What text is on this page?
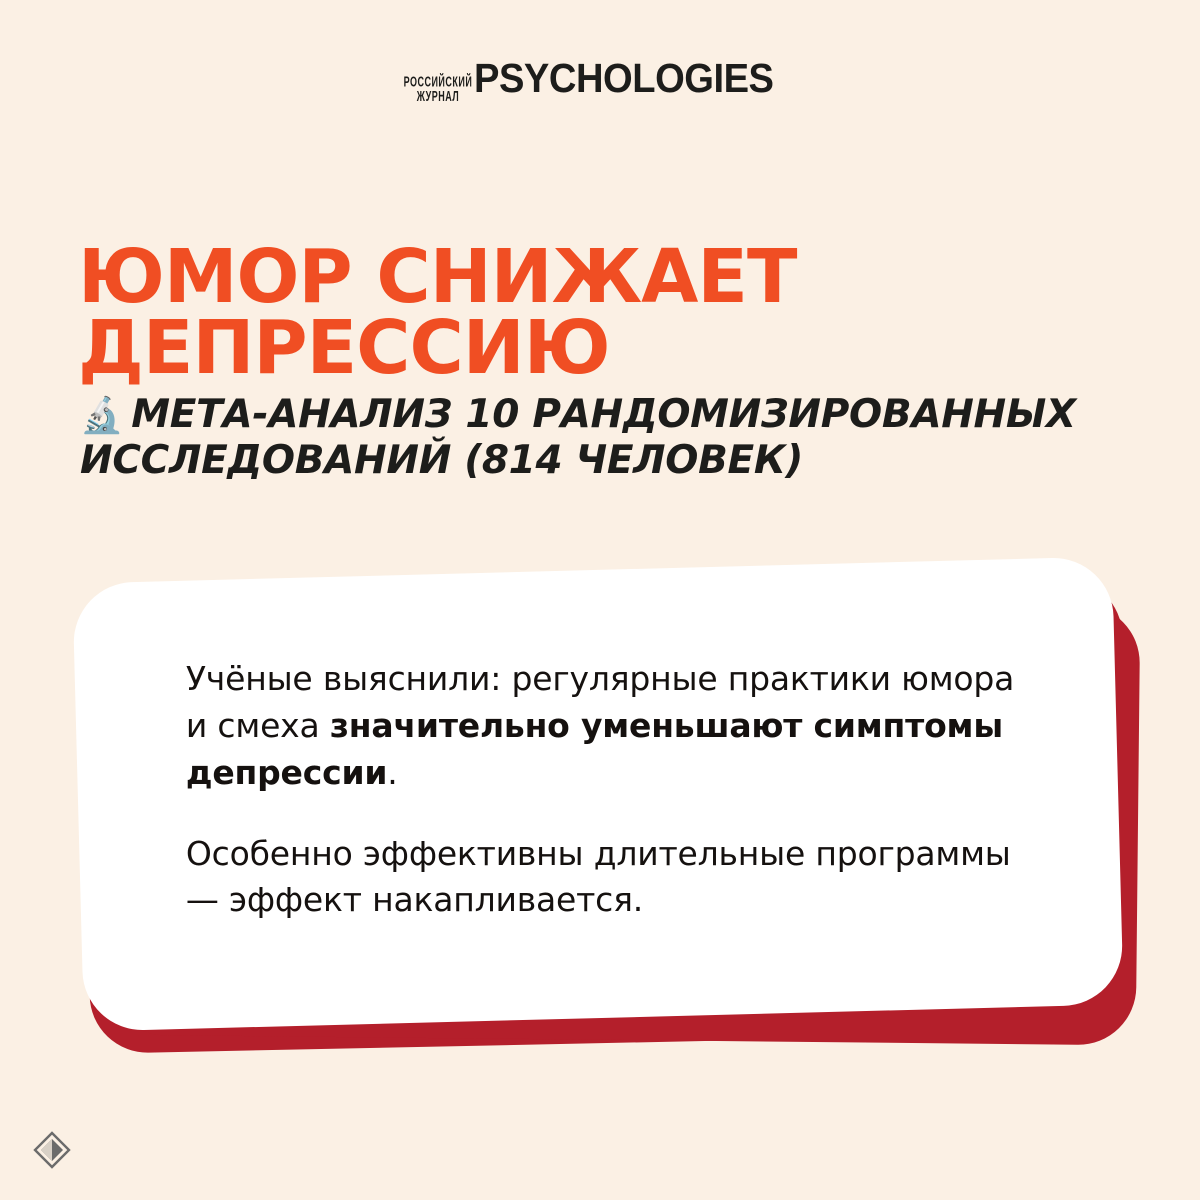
РОССИЙСКИЙ
ЖУРНАЛ PSYCHOLOGIES
ЮМОР СНИЖАЕТ
ДЕПРЕССИЮ
🔬 МЕТА-АНАЛИЗ 10 РАНДОМИЗИРОВАННЫХ ИССЛЕДОВАНИЙ (814 ЧЕЛОВЕК)

Учёные выяснили: регулярные практики юмора и смеха значительно уменьшают симптомы депрессии.

Особенно эффективны длительные программы — эффект накапливается.
